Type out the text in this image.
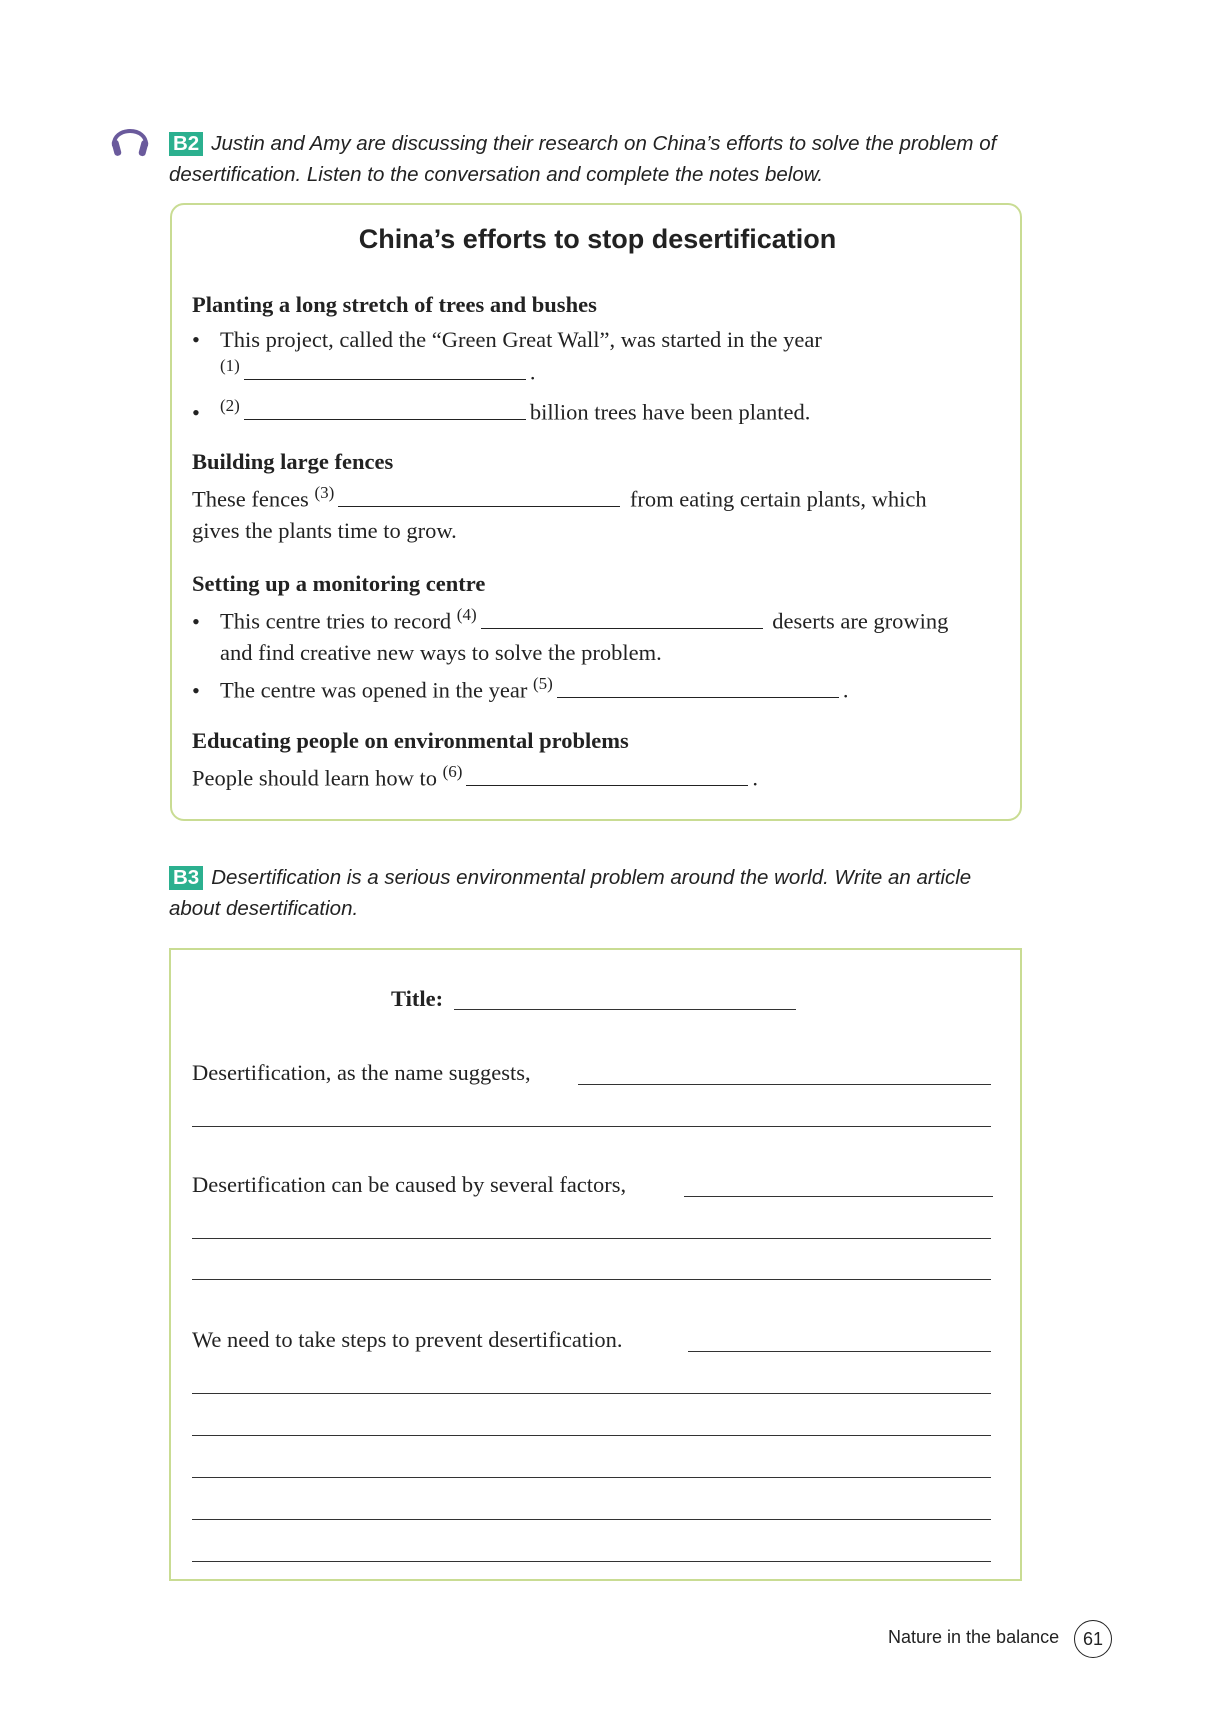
B2 Justin and Amy are discussing their research on China’s efforts to solve the problem of
desertification. Listen to the conversation and complete the notes below.
China’s efforts to stop desertification
Planting a long stretch of trees and bushes
• This project, called the “Green Great Wall”, was started in the year
$^{(1)}$	.
• $^{(2)}$	billion trees have been planted.
Building large fences
These fences $^{(3)}$	from eating certain plants, which
gives the plants time to grow.
Setting up a monitoring centre
• This centre tries to record $^{(4)}$	deserts are growing
and find creative new ways to solve the problem.
• The centre was opened in the year $^{(5)}$	.
Educating people on environmental problems
People should learn how to $^{(6)}$	.
B3 Desertification is a serious environmental problem around the world. Write an article
about desertification.
Title:
Desertification, as the name suggests,
Desertification can be caused by several factors,
We need to take steps to prevent desertification.
Nature in the balance	61
